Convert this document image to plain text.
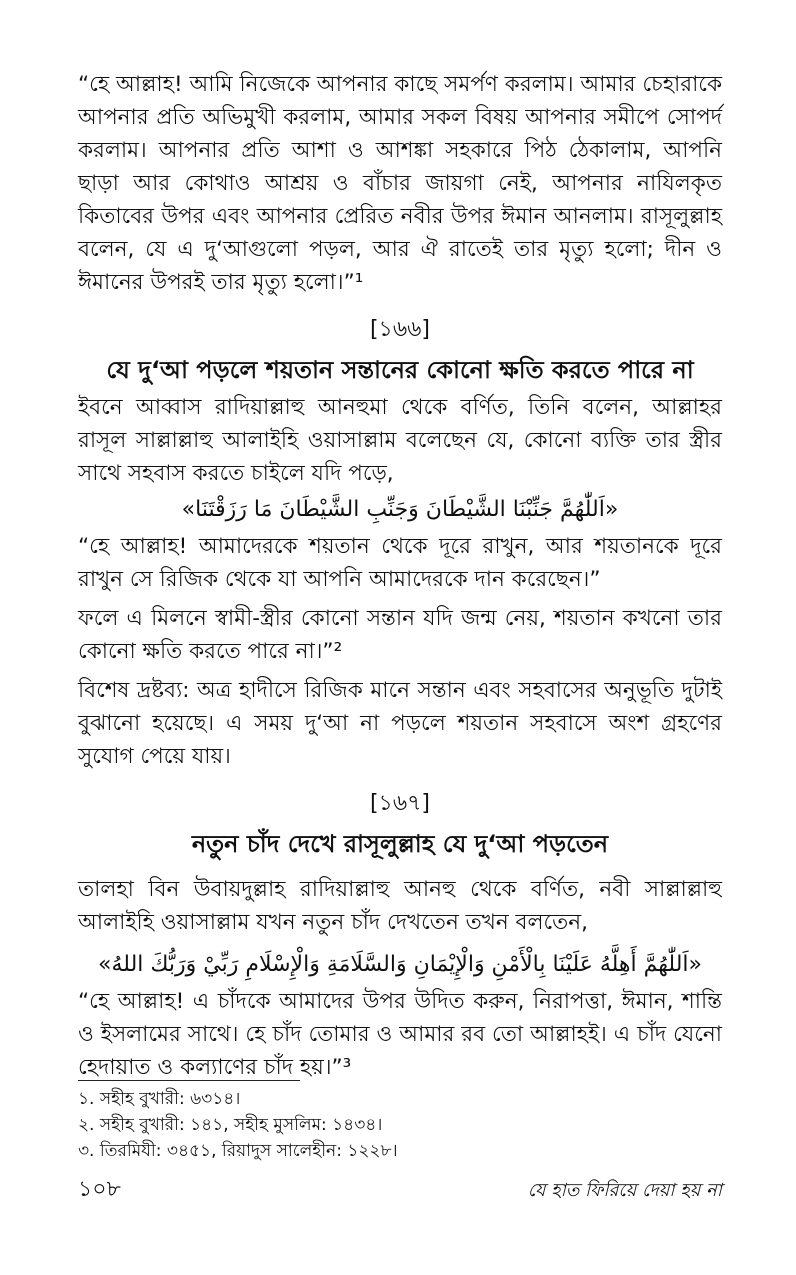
“হে আল্লাহ! আমি নিজেকে আপনার কাছে সমর্পণ করলাম। আমার চেহারাকে আপনার প্রতি অভিমুখী করলাম, আমার সকল বিষয় আপনার সমীপে সোপর্দ করলাম। আপনার প্রতি আশা ও আশঙ্কা সহকারে পিঠ ঠেকালাম, আপনি ছাড়া আর কোথাও আশ্রয় ও বাঁচার জায়গা নেই, আপনার নাযিলকৃত কিতাবের উপর এবং আপনার প্রেরিত নবীর উপর ঈমান আনলাম। রাসূলুল্লাহ বলেন, যে এ দু‘আগুলো পড়ল, আর ঐ রাতেই তার মৃত্যু হলো; দীন ও ঈমানের উপরই তার মৃত্যু হলো।”¹

[১৬৬]

যে দু‘আ পড়লে শয়তান সন্তানের কোনো ক্ষতি করতে পারে না

ইবনে আব্বাস রাদিয়াল্লাহু আনহুমা থেকে বর্ণিত, তিনি বলেন, আল্লাহর রাসূল সাল্লাল্লাহু আলাইহি ওয়াসাল্লাম বলেছেন যে, কোনো ব্যক্তি তার স্ত্রীর সাথে সহবাস করতে চাইলে যদি পড়ে,

«اَللّٰهُمَّ جَنِّبْنَا الشَّيْطَانَ وَجَنِّبِ الشَّيْطَانَ مَا رَزَقْتَنَا»

“হে আল্লাহ! আমাদেরকে শয়তান থেকে দূরে রাখুন, আর শয়তানকে দূরে রাখুন সে রিজিক থেকে যা আপনি আমাদেরকে দান করেছেন।”

ফলে এ মিলনে স্বামী-স্ত্রীর কোনো সন্তান যদি জন্ম নেয়, শয়তান কখনো তার কোনো ক্ষতি করতে পারে না।”²

বিশেষ দ্রষ্টব্য: অত্র হাদীসে রিজিক মানে সন্তান এবং সহবাসের অনুভূতি দুটাই বুঝানো হয়েছে। এ সময় দু‘আ না পড়লে শয়তান সহবাসে অংশ গ্রহণের সুযোগ পেয়ে যায়।

[১৬৭]

নতুন চাঁদ দেখে রাসূলুল্লাহ যে দু‘আ পড়তেন

তালহা বিন উবায়দুল্লাহ রাদিয়াল্লাহু আনহু থেকে বর্ণিত, নবী সাল্লাল্লাহু আলাইহি ওয়াসাল্লাম যখন নতুন চাঁদ দেখতেন তখন বলতেন,

«اَللّٰهُمَّ أَهِلَّهُ عَلَيْنَا بِالْأَمْنِ وَالْإِيْمَانِ وَالسَّلَامَةِ وَالْإِسْلَامِ رَبِّيْ وَرَبُّكَ اللهُ»

“হে আল্লাহ! এ চাঁদকে আমাদের উপর উদিত করুন, নিরাপত্তা, ঈমান, শান্তি ও ইসলামের সাথে। হে চাঁদ তোমার ও আমার রব তো আল্লাহই। এ চাঁদ যেনো হেদায়াত ও কল্যাণের চাঁদ হয়।”³

১. সহীহ বুখারী: ৬৩১৪।

২. সহীহ বুখারী: ১৪১, সহীহ মুসলিম: ১৪৩৪।

৩. তিরমিযী: ৩৪৫১, রিয়াদুস সালেহীন: ১২২৮।

১০৮	যে হাত ফিরিয়ে দেয়া হয় না
